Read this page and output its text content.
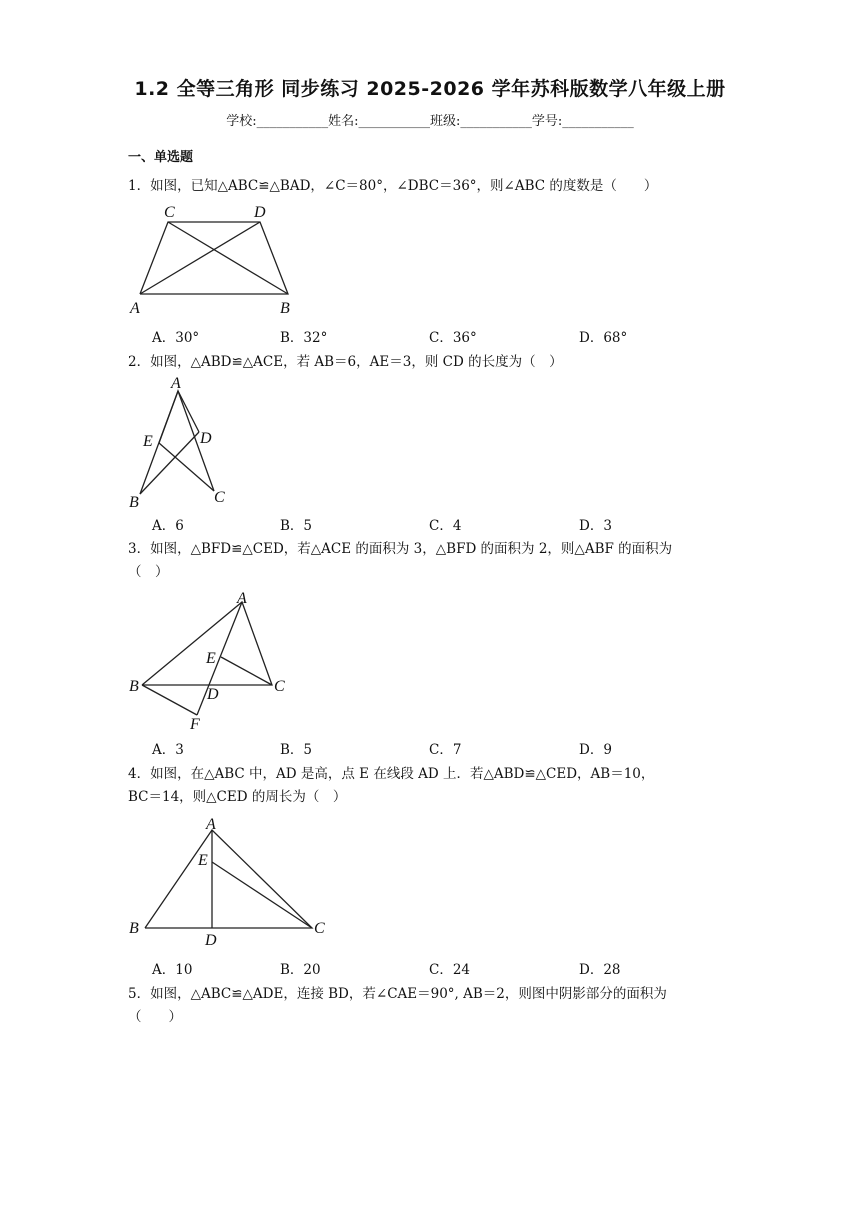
1.2 全等三角形 同步练习 2025-2026 学年苏科版数学八年级上册
学校:___________姓名:___________班级:___________学号:___________
一、单选题
1．如图，已知△ABC≌△BAD，∠C＝80°，∠DBC＝36°，则∠ABC 的度数是（　　）
C	D
A	B
A．30°	B．32°	C．36°	D．68°
2．如图，△ABD≌△ACE，若 AB＝6，AE＝3，则 CD 的长度为（　）
A
E	D
B	C
A．6	B．5	C．4	D．3
3．如图，△BFD≌△CED，若△ACE 的面积为 3，△BFD 的面积为 2，则△ABF 的面积为
（　）
A
E
B	D	C
F
A．3	B．5	C．7	D．9
4．如图，在△ABC 中，AD 是高，点 E 在线段 AD 上．若△ABD≌△CED，AB＝10，
BC＝14，则△CED 的周长为（　）
A
E
B
D
C
A．10	B．20	C．24	D．28
5．如图，△ABC≌△ADE，连接 BD，若∠CAE＝90°, AB＝2，则图中阴影部分的面积为
（　　）
